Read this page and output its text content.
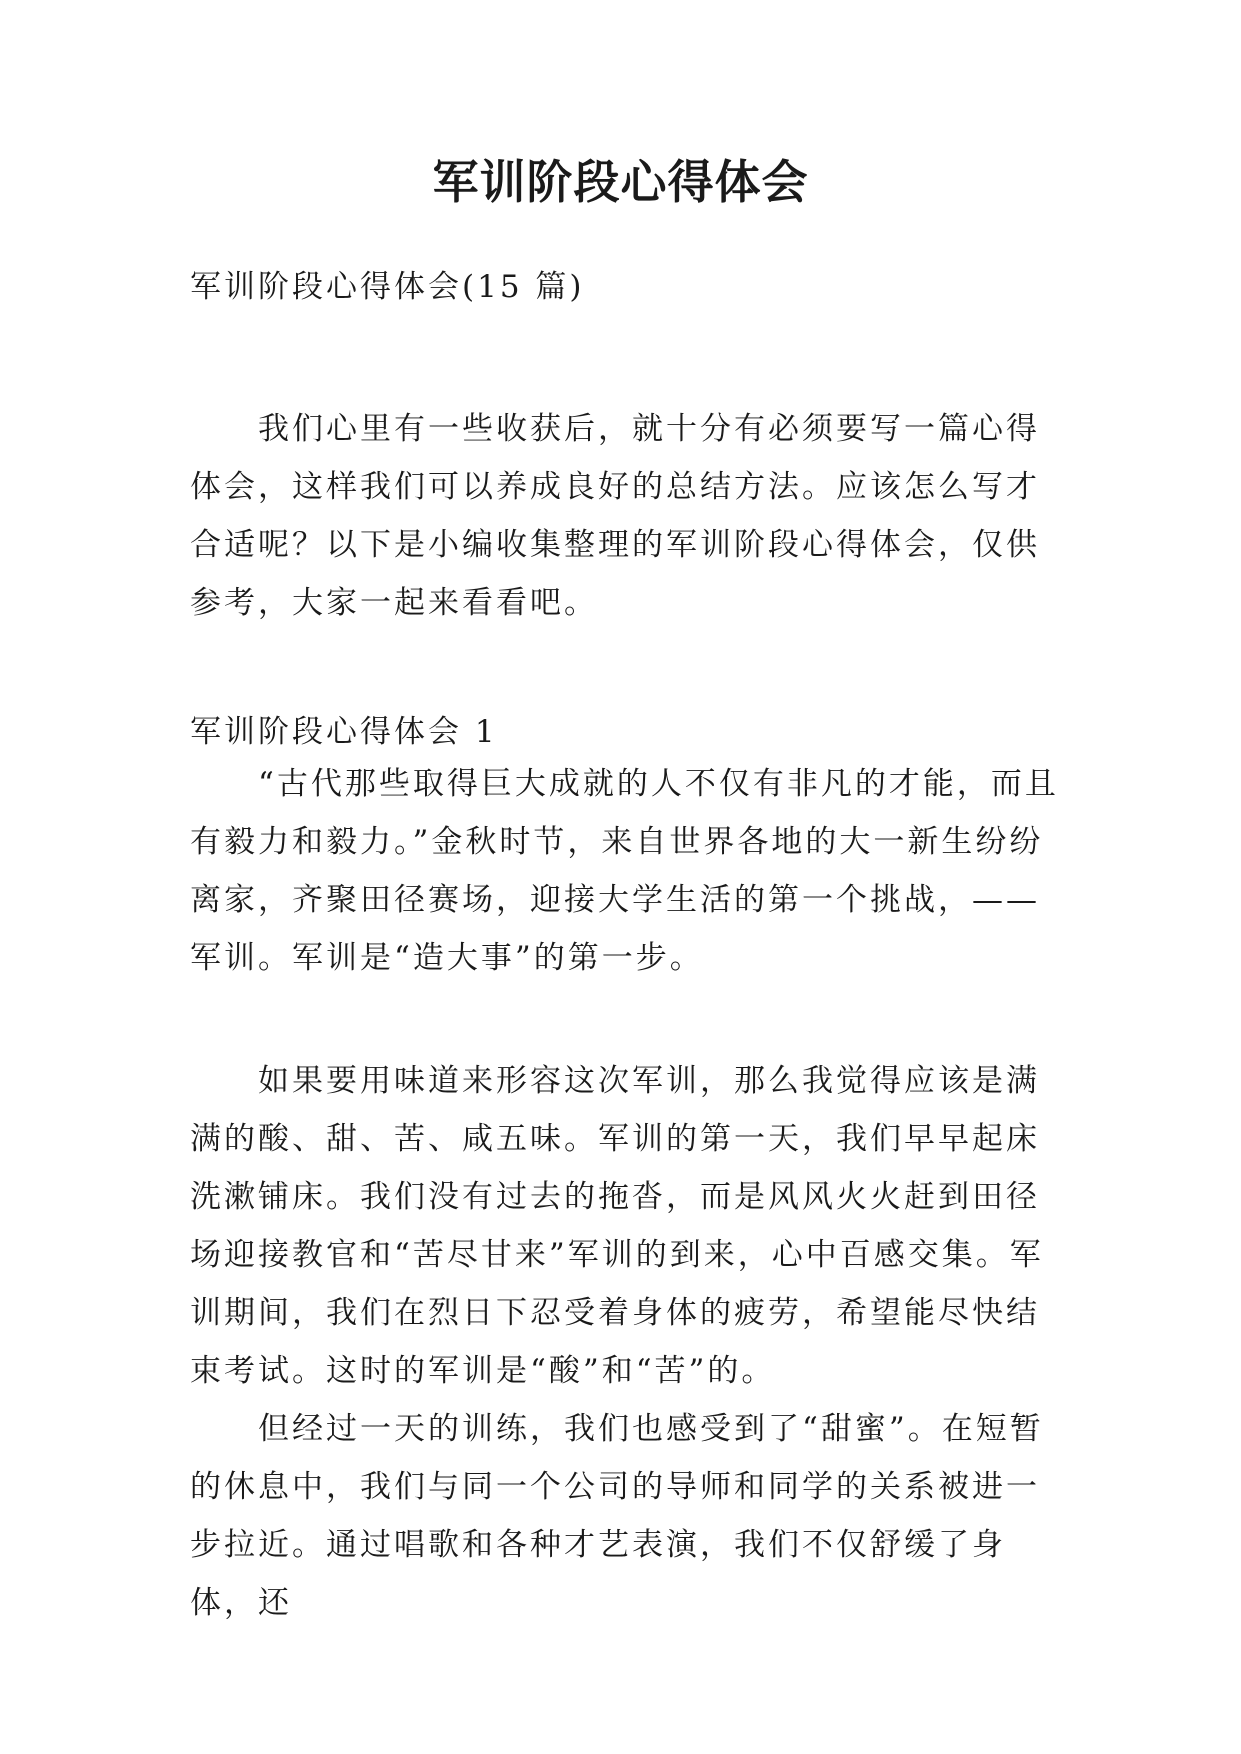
军训阶段心得体会

军训阶段心得体会(15 篇)

我们心里有一些收获后，就十分有必须要写一篇心得体会，这样我们可以养成良好的总结方法。应该怎么写才合适呢？以下是小编收集整理的军训阶段心得体会，仅供参考，大家一起来看看吧。

军训阶段心得体会 1

“古代那些取得巨大成就的人不仅有非凡的才能，而且有毅力和毅力。”金秋时节，来自世界各地的大一新生纷纷离家，齐聚田径赛场，迎接大学生活的第一个挑战，——军训。军训是“造大事”的第一步。

如果要用味道来形容这次军训，那么我觉得应该是满满的酸、甜、苦、咸五味。军训的第一天，我们早早起床洗漱铺床。我们没有过去的拖沓，而是风风火火赶到田径场迎接教官和“苦尽甘来”军训的到来，心中百感交集。军训期间，我们在烈日下忍受着身体的疲劳，希望能尽快结束考试。这时的军训是“酸”和“苦”的。

但经过一天的训练，我们也感受到了“甜蜜”。在短暂的休息中，我们与同一个公司的导师和同学的关系被进一步拉近。通过唱歌和各种才艺表演，我们不仅舒缓了身体，还
